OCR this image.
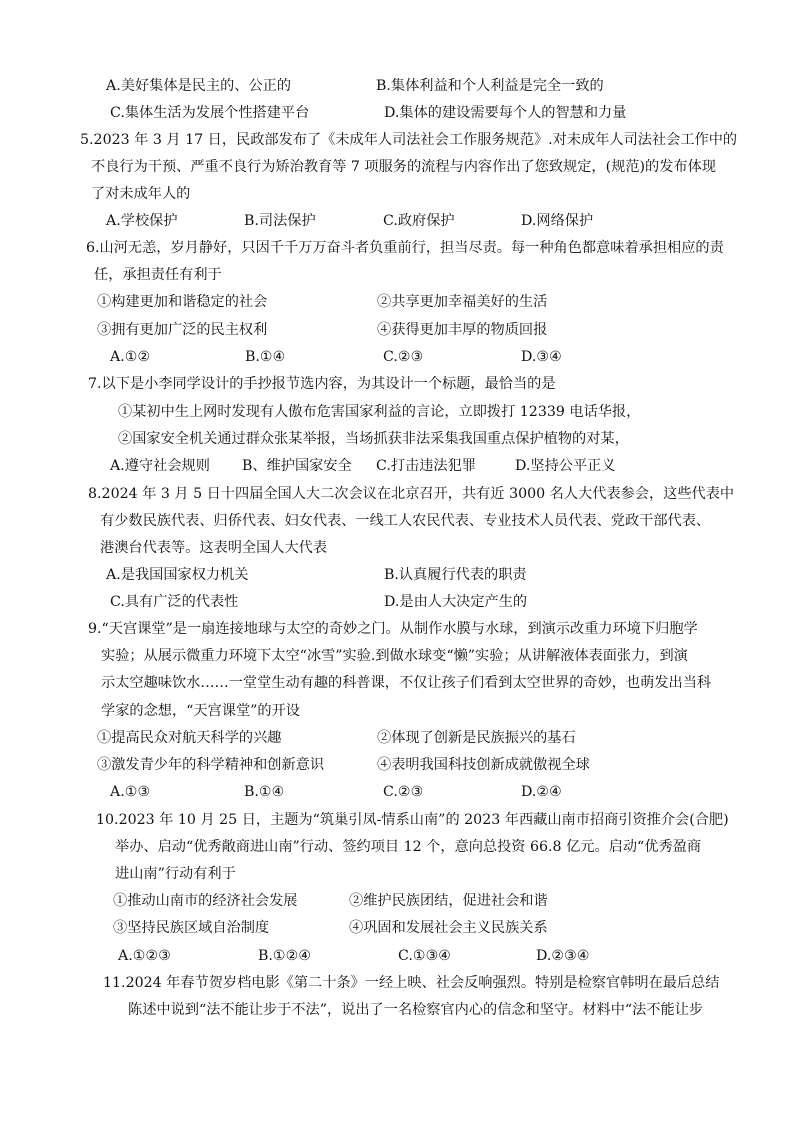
A.美好集体是民主的、公正的	B.集体利益和个人利益是完全一致的
C.集体生活为发展个性搭建平台	D.集体的建设需要每个人的智慧和力量
5.2023 年 3 月 17 日，民政部发布了《未成年人司法社会工作服务规范》.对未成年人司法社会工作中的
不良行为干预、严重不良行为矫治教育等 7 项服务的流程与内容作出了您致规定，(规范)的发布体现
了对未成年人的
A.学校保护	B.司法保护	C.政府保护	D.网络保护
6.山河无恙，岁月静好，只因千千万万奋斗者负重前行，担当尽责。每一种角色都意味着承担相应的责
任，承担责任有利于
①构建更加和谐稳定的社会	②共享更加幸福美好的生活
③拥有更加广泛的民主权利	④获得更加丰厚的物质回报
A.①②	B.①④	C.②③	D.③④
7.以下是小李同学设计的手抄报节选内容，为其设计一个标题，最恰当的是
①某初中生上网时发现有人傲布危害国家利益的言论，立即拨打 12339 电话华报，
②国家安全机关通过群众张某举报，当场抓获非法采集我国重点保护植物的对某，
A.遵守社会规则 B、维护国家安全 C.打击违法犯罪	D.坚持公平正义
8.2024 年 3 月 5 日十四届全国人大二次会议在北京召开，共有近 3000 名人大代表参会，这些代表中
有少数民族代表、归侨代表、妇女代表、一线工人农民代表、专业技术人员代表、党政干部代表、
港澳台代表等。这表明全国人大代表
A.是我国国家权力机关	B.认真履行代表的职责
C.具有广泛的代表性	D.是由人大决定产生的
9.“天宫课堂”是一扇连接地球与太空的奇妙之门。从制作水膜与水球，到演示改重力环境下归胞学
实验；从展示微重力环境下太空“冰雪”实验.到做水球变“懒”实验；从讲解液体表面张力，到演
示太空趣味饮水……一堂堂生动有趣的科普课，不仅让孩子们看到太空世界的奇妙，也萌发出当科
学家的念想，“天宫课堂”的开设
①提高民众对航天科学的兴趣	②体现了创新是民族振兴的基石
③激发青少年的科学精神和创新意识	④表明我国科技创新成就傲视全球
A.①③	B.①④	C.②③	D.②④
10.2023 年 10 月 25 日，主题为“筑巢引凤-情系山南”的 2023 年西藏山南市招商引资推介会(合肥)
举办、启动“优秀敞商进山南”行动、签约项目 12 个，意向总投资 66.8 亿元。启动“优秀盈商
进山南”行动有利于
①推动山南市的经济社会发展	②维护民族团结，促进社会和谐
③坚持民族区域自治制度	④巩固和发展社会主义民族关系
A.①②③	B.①②④	C.①③④	D.②③④
11.2024 年春节贺岁档电影《第二十条》一经上映、社会反响强烈。特别是检察官韩明在最后总结
陈述中说到“法不能让步于不法”，说出了一名检察官内心的信念和坚守。材料中“法不能让步
